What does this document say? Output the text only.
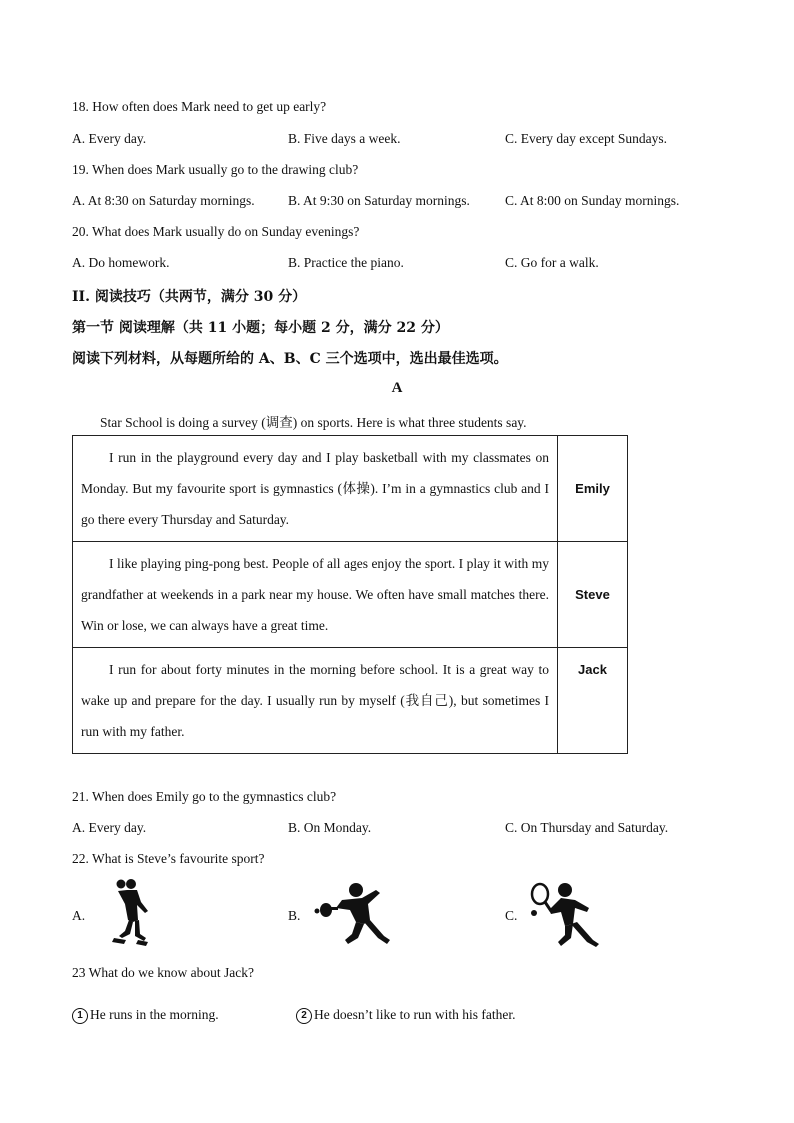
18. How often does Mark need to get up early?
A. Every day.	B. Five days a week.	C. Every day except Sundays.
19. When does Mark usually go to the drawing club?
A. At 8:30 on Saturday mornings. B. At 9:30 on Saturday mornings.	C. At 8:00 on Sunday mornings.
20. What does Mark usually do on Sunday evenings?
A. Do homework.	B. Practice the piano.	C. Go for a walk.
II. 阅读技巧（共两节，满分 30 分）
第一节 阅读理解（共 11 小题；每小题 2 分，满分 22 分）
阅读下列材料，从每题所给的 A、B、C 三个选项中，选出最佳选项。
A
Star School is doing a survey (调查) on sports. Here is what three students say.
I run in the playground every day and I play basketball with my classmates on Monday. But my favourite sport is gymnastics (体操). I’m in a gymnastics club and I go there every Thursday and Saturday.	Emily
I like playing ping-pong best. People of all ages enjoy the sport. I play it with my grandfather at weekends in a park near my house. We often have small matches there. Win or lose, we can always have a great time.	Steve
I run for about forty minutes in the morning before school. It is a great way to wake up and prepare for the day. I usually run by myself (我自己), but sometimes I run with my father.	Jack
21. When does Emily go to the gymnastics club?
A. Every day.	B. On Monday.	C. On Thursday and Saturday.
22. What is Steve’s favourite sport?
A.	B.	C.
23 What do we know about Jack?
1 He runs in the morning.	2 He doesn’t like to run with his father.
